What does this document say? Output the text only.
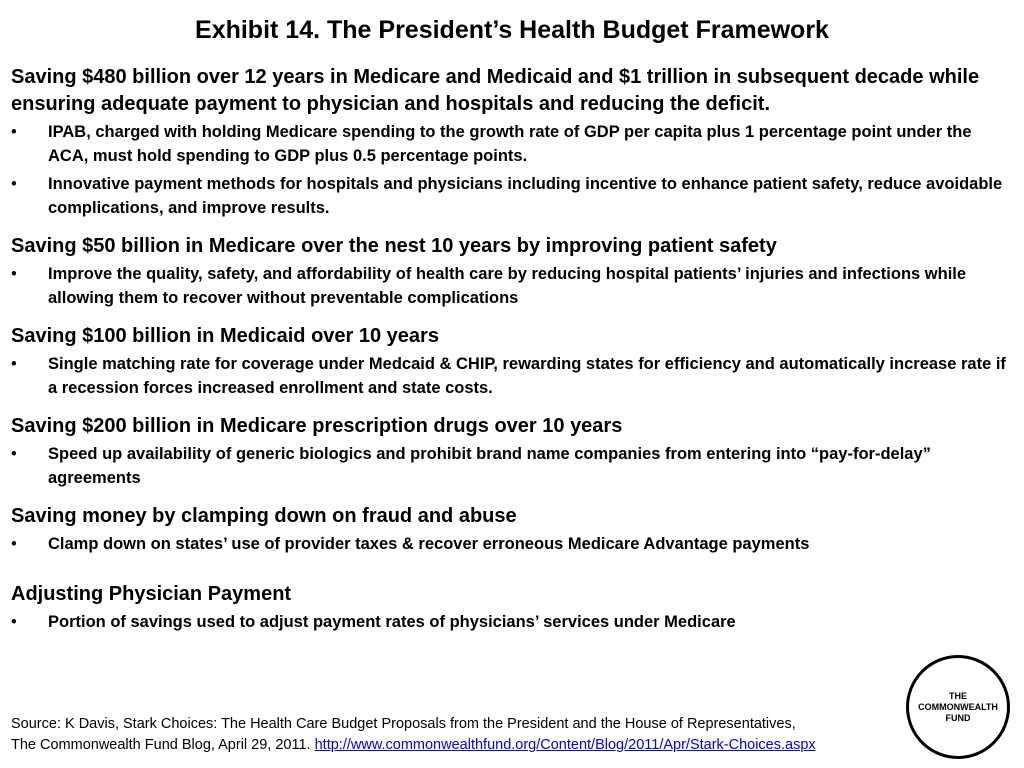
Exhibit 14. The President’s Health Budget Framework

Saving $480 billion over 12 years in Medicare and Medicaid and $1 trillion in subsequent decade while ensuring adequate payment to physician and hospitals and reducing the deficit.

• IPAB, charged with holding Medicare spending to the growth rate of GDP per capita plus 1 percentage point under the ACA, must hold spending to GDP plus 0.5 percentage points.
• Innovative payment methods for hospitals and physicians including incentive to enhance patient safety, reduce avoidable complications, and improve results.

Saving $50 billion in Medicare over the nest 10 years by improving patient safety

• Improve the quality, safety, and affordability of health care by reducing hospital patients’ injuries and infections while allowing them to recover without preventable complications

Saving $100 billion in Medicaid over 10 years

• Single matching rate for coverage under Medcaid & CHIP, rewarding states for efficiency and automatically increase rate if a recession forces increased enrollment and state costs.

Saving $200 billion in Medicare prescription drugs over 10 years

• Speed up availability of generic biologics and prohibit brand name companies from entering into “pay-for-delay” agreements

Saving money by clamping down on fraud and abuse

• Clamp down on states’ use of provider taxes & recover erroneous Medicare Advantage payments

Adjusting Physician Payment

• Portion of savings used to adjust payment rates of physicians’ services under Medicare
Source: K Davis, Stark Choices: The Health Care Budget Proposals from the President and the House of Representatives,
The Commonwealth Fund Blog, April 29, 2011. http://www.commonwealthfund.org/Content/Blog/2011/Apr/Stark-Choices.aspx
THE
COMMONWEALTH
FUND
